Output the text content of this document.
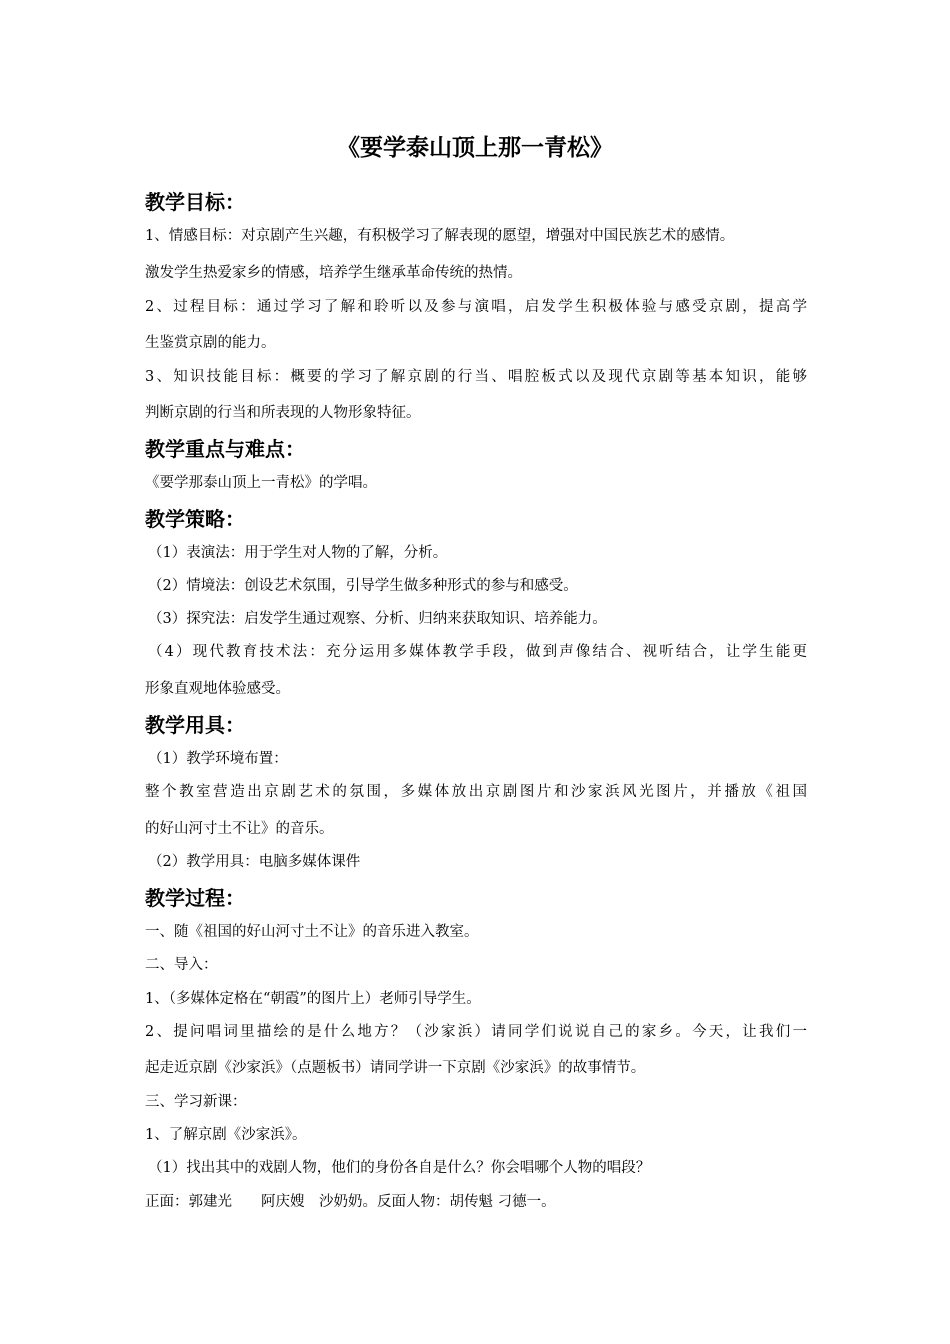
《要学泰山顶上那一青松》
教学目标：
1、情感目标：对京剧产生兴趣，有积极学习了解表现的愿望，增强对中国民族艺术的感情。
激发学生热爱家乡的情感，培养学生继承革命传统的热情。
2、过程目标：通过学习了解和聆听以及参与演唱，启发学生积极体验与感受京剧，提高学
生鉴赏京剧的能力。
3、知识技能目标：概要的学习了解京剧的行当、唱腔板式以及现代京剧等基本知识，能够
判断京剧的行当和所表现的人物形象特征。
教学重点与难点：
《要学那泰山顶上一青松》的学唱。
教学策略：
（1）表演法：用于学生对人物的了解，分析。
（2）情境法：创设艺术氛围，引导学生做多种形式的参与和感受。
（3）探究法：启发学生通过观察、分析、归纳来获取知识、培养能力。
（4）现代教育技术法：充分运用多媒体教学手段，做到声像结合、视听结合，让学生能更
形象直观地体验感受。
教学用具：
（1）教学环境布置：
整个教室营造出京剧艺术的氛围，多媒体放出京剧图片和沙家浜风光图片，并播放《祖国
的好山河寸土不让》的音乐。
（2）教学用具：电脑多媒体课件
教学过程：
一、随《祖国的好山河寸土不让》的音乐进入教室。
二、导入：
1、（多媒体定格在“朝霞”的图片上）老师引导学生。
2、提问唱词里描绘的是什么地方？（沙家浜）请同学们说说自己的家乡。今天，让我们一
起走近京剧《沙家浜》（点题板书）请同学讲一下京剧《沙家浜》的故事情节。
三、学习新课：
1、了解京剧《沙家浜》。
（1）找出其中的戏剧人物，他们的身份各自是什么？你会唱哪个人物的唱段？
正面：郭建光　　阿庆嫂　沙奶奶。反面人物：胡传魁 刁德一。
